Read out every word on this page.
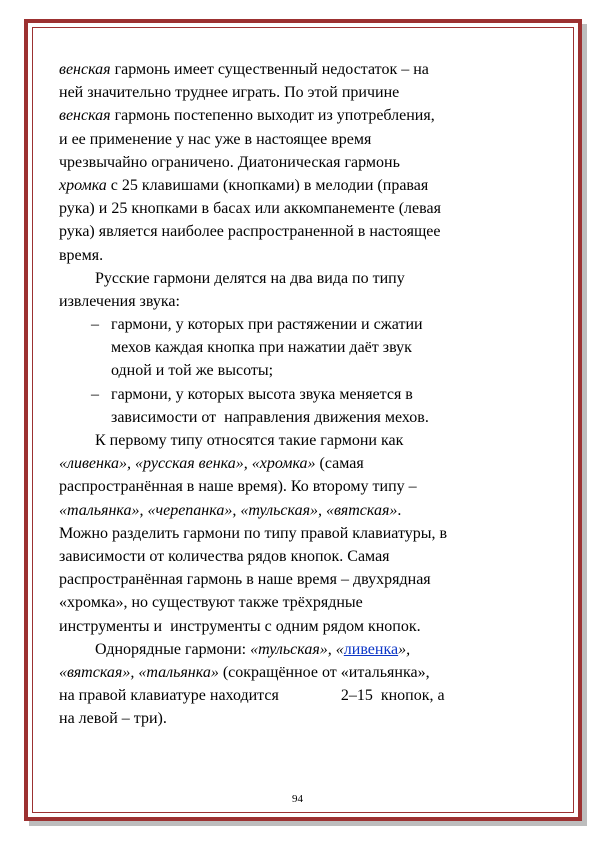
венская гармонь имеет существенный недостаток – на
ней значительно труднее играть. По этой причине
венская гармонь постепенно выходит из употребления,
и ее применение у нас уже в настоящее время
чрезвычайно ограничено. Диатоническая гармонь
хромка с 25 клавишами (кнопками) в мелодии (правая
рука) и 25 кнопками в басах или аккомпанементе (левая
рука) является наиболее распространенной в настоящее
время.
Русские гармони делятся на два вида по типу
извлечения звука:
– гармони, у которых при растяжении и сжатии
мехов каждая кнопка при нажатии даёт звук
одной и той же высоты;
– гармони, у которых высота звука меняется в
зависимости от  направления движения мехов.
К первому типу относятся такие гармони как
«ливенка», «русская венка», «хромка» (самая
распространённая в наше время). Ко второму типу –
«тальянка», «черепанка», «тульская», «вятская».
Можно разделить гармони по типу правой клавиатуры, в
зависимости от количества рядов кнопок. Самая
распространённая гармонь в наше время – двухрядная
«хромка», но существуют также трёхрядные
инструменты и  инструменты с одним рядом кнопок.
Однорядные гармони: «тульская», «ливенка»,
«вятская», «тальянка» (сокращённое от «итальянка»,
на правой клавиатуре находится	2–15  кнопок, а
на левой – три).
94
